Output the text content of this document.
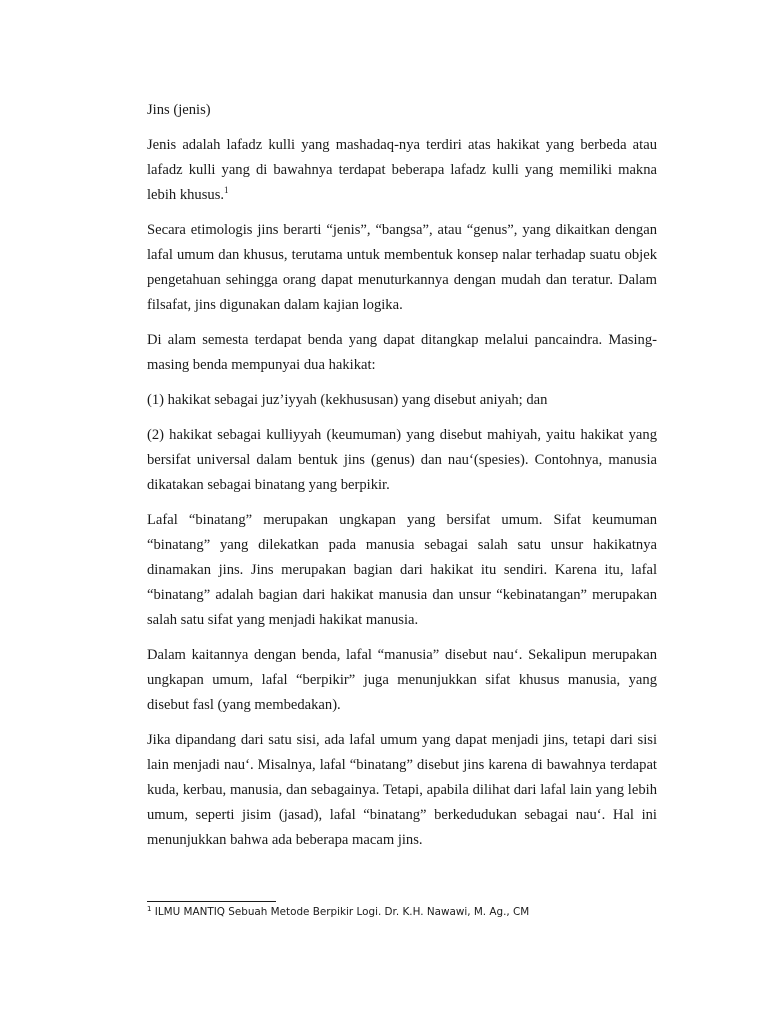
Jins (jenis)

Jenis adalah lafadz kulli yang mashadaq-nya terdiri atas hakikat yang berbeda atau lafadz kulli yang di bawahnya terdapat beberapa lafadz kulli yang memiliki makna lebih khusus.$^1$

Secara etimologis jins berarti “jenis”, “bangsa”, atau “genus”, yang dikaitkan dengan lafal umum dan khusus, terutama untuk membentuk konsep nalar terhadap suatu objek pengetahuan sehingga orang dapat menuturkannya dengan mudah dan teratur. Dalam filsafat, jins digunakan dalam kajian logika.

Di alam semesta terdapat benda yang dapat ditangkap melalui pancaindra. Masing-masing benda mempunyai dua hakikat:

(1) hakikat sebagai juz’iyyah (kekhususan) yang disebut aniyah; dan

(2) hakikat sebagai kulliyyah (keumuman) yang disebut mahiyah, yaitu hakikat yang bersifat universal dalam bentuk jins (genus) dan nau‘(spesies). Contohnya, manusia dikatakan sebagai binatang yang berpikir.

Lafal “binatang” merupakan ungkapan yang bersifat umum. Sifat keumuman “binatang” yang dilekatkan pada manusia sebagai salah satu unsur hakikatnya dinamakan jins. Jins merupakan bagian dari hakikat itu sendiri. Karena itu, lafal “binatang” adalah bagian dari hakikat manusia dan unsur “kebinatangan” merupakan salah satu sifat yang menjadi hakikat manusia.

Dalam kaitannya dengan benda, lafal “manusia” disebut nau‘. Sekalipun merupakan ungkapan umum, lafal “berpikir” juga menunjukkan sifat khusus manusia, yang disebut fasl (yang membedakan).

Jika dipandang dari satu sisi, ada lafal umum yang dapat menjadi jins, tetapi dari sisi lain menjadi nau‘. Misalnya, lafal “binatang” disebut jins karena di bawahnya terdapat kuda, kerbau, manusia, dan sebagainya. Tetapi, apabila dilihat dari lafal lain yang lebih umum, seperti jisim (jasad), lafal “binatang” berkedudukan sebagai nau‘. Hal ini menunjukkan bahwa ada beberapa macam jins.

$^1$ ILMU MANTIQ Sebuah Metode Berpikir Logi. Dr. K.H. Nawawi, M. Ag., CM
